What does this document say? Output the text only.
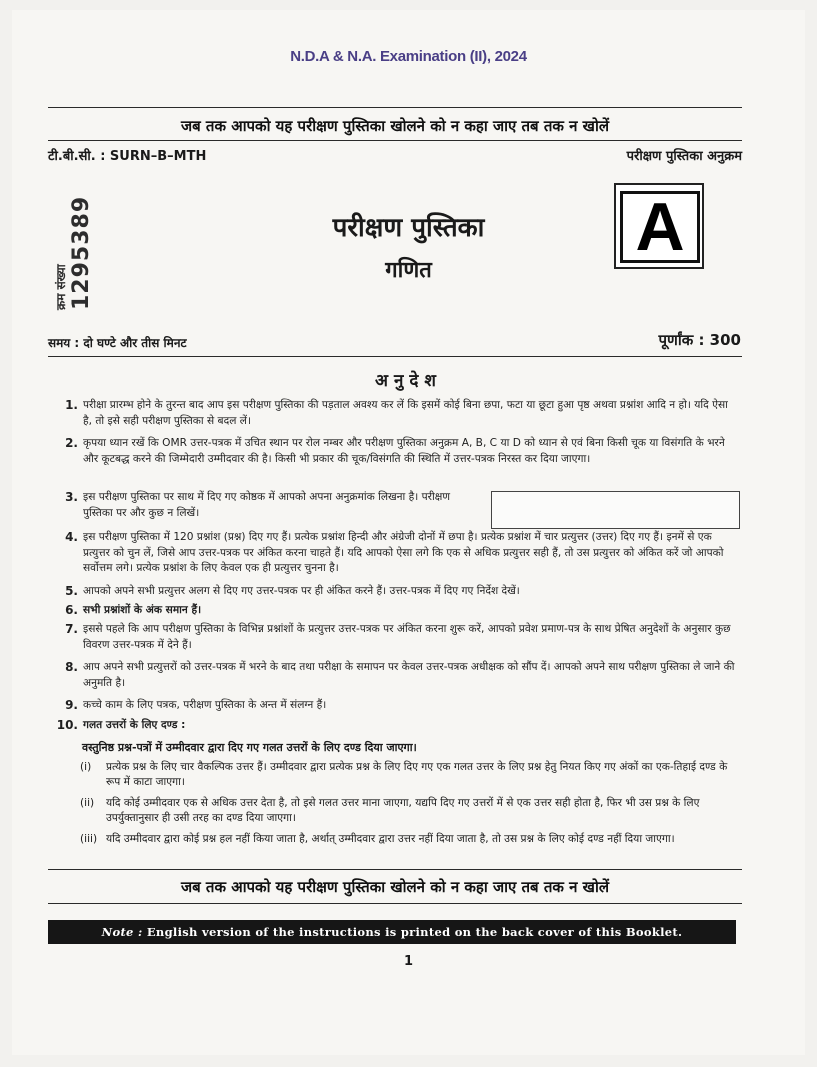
N.D.A & N.A. Examination (II), 2024
जब तक आपको यह परीक्षण पुस्तिका खोलने को न कहा जाए तब तक न खोलें
टी.बी.सी. : SURN–B–MTH	परीक्षण पुस्तिका अनुक्रम
क्रम संख्या 1295389	परीक्षण पुस्तिका
गणित
A
समय : दो घण्टे और तीस मिनट	पूर्णांक : 300
अनुदेश
1. परीक्षा प्रारम्भ होने के तुरन्त बाद आप इस परीक्षण पुस्तिका की पड़ताल अवश्य कर लें कि इसमें कोई बिना छपा, फटा या छूटा हुआ पृष्ठ अथवा प्रश्नांश आदि न हो। यदि ऐसा है, तो इसे सही परीक्षण पुस्तिका से बदल लें।
2. कृपया ध्यान रखें कि OMR उत्तर-पत्रक में उचित स्थान पर रोल नम्बर और परीक्षण पुस्तिका अनुक्रम A, B, C या D को ध्यान से एवं बिना किसी चूक या विसंगति के भरने और कूटबद्ध करने की जिम्मेदारी उम्मीदवार की है। किसी भी प्रकार की चूक/विसंगति की स्थिति में उत्तर-पत्रक निरस्त कर दिया जाएगा।
3. इस परीक्षण पुस्तिका पर साथ में दिए गए कोष्ठक में आपको अपना अनुक्रमांक लिखना है। परीक्षण पुस्तिका पर और कुछ न लिखें।
4. इस परीक्षण पुस्तिका में 120 प्रश्नांश (प्रश्न) दिए गए हैं। प्रत्येक प्रश्नांश हिन्दी और अंग्रेजी दोनों में छपा है। प्रत्येक प्रश्नांश में चार प्रत्युत्तर (उत्तर) दिए गए हैं। इनमें से एक प्रत्युत्तर को चुन लें, जिसे आप उत्तर-पत्रक पर अंकित करना चाहते हैं। यदि आपको ऐसा लगे कि एक से अधिक प्रत्युत्तर सही हैं, तो उस प्रत्युत्तर को अंकित करें जो आपको सर्वोत्तम लगे। प्रत्येक प्रश्नांश के लिए केवल एक ही प्रत्युत्तर चुनना है।
5. आपको अपने सभी प्रत्युत्तर अलग से दिए गए उत्तर-पत्रक पर ही अंकित करने हैं। उत्तर-पत्रक में दिए गए निर्देश देखें।
6. सभी प्रश्नांशों के अंक समान हैं।
7. इससे पहले कि आप परीक्षण पुस्तिका के विभिन्न प्रश्नांशों के प्रत्युत्तर उत्तर-पत्रक पर अंकित करना शुरू करें, आपको प्रवेश प्रमाण-पत्र के साथ प्रेषित अनुदेशों के अनुसार कुछ विवरण उत्तर-पत्रक में देने हैं।
8. आप अपने सभी प्रत्युत्तरों को उत्तर-पत्रक में भरने के बाद तथा परीक्षा के समापन पर केवल उत्तर-पत्रक अधीक्षक को सौंप दें। आपको अपने साथ परीक्षण पुस्तिका ले जाने की अनुमति है।
9. कच्चे काम के लिए पत्रक, परीक्षण पुस्तिका के अन्त में संलग्न हैं।
10. गलत उत्तरों के लिए दण्ड :
वस्तुनिष्ठ प्रश्न-पत्रों में उम्मीदवार द्वारा दिए गए गलत उत्तरों के लिए दण्ड दिया जाएगा।
(i)	प्रत्येक प्रश्न के लिए चार वैकल्पिक उत्तर हैं। उम्मीदवार द्वारा प्रत्येक प्रश्न के लिए दिए गए एक गलत उत्तर के लिए प्रश्न हेतु नियत किए गए अंकों का एक-तिहाई दण्ड के रूप में काटा जाएगा।
(ii)	यदि कोई उम्मीदवार एक से अधिक उत्तर देता है, तो इसे गलत उत्तर माना जाएगा, यद्यपि दिए गए उत्तरों में से एक उत्तर सही होता है, फिर भी उस प्रश्न के लिए उपर्युक्तानुसार ही उसी तरह का दण्ड दिया जाएगा।
(iii) यदि उम्मीदवार द्वारा कोई प्रश्न हल नहीं किया जाता है, अर्थात् उम्मीदवार द्वारा उत्तर नहीं दिया जाता है, तो उस प्रश्न के लिए कोई दण्ड नहीं दिया जाएगा।
जब तक आपको यह परीक्षण पुस्तिका खोलने को न कहा जाए तब तक न खोलें
Note : English version of the instructions is printed on the back cover of this Booklet.
1
